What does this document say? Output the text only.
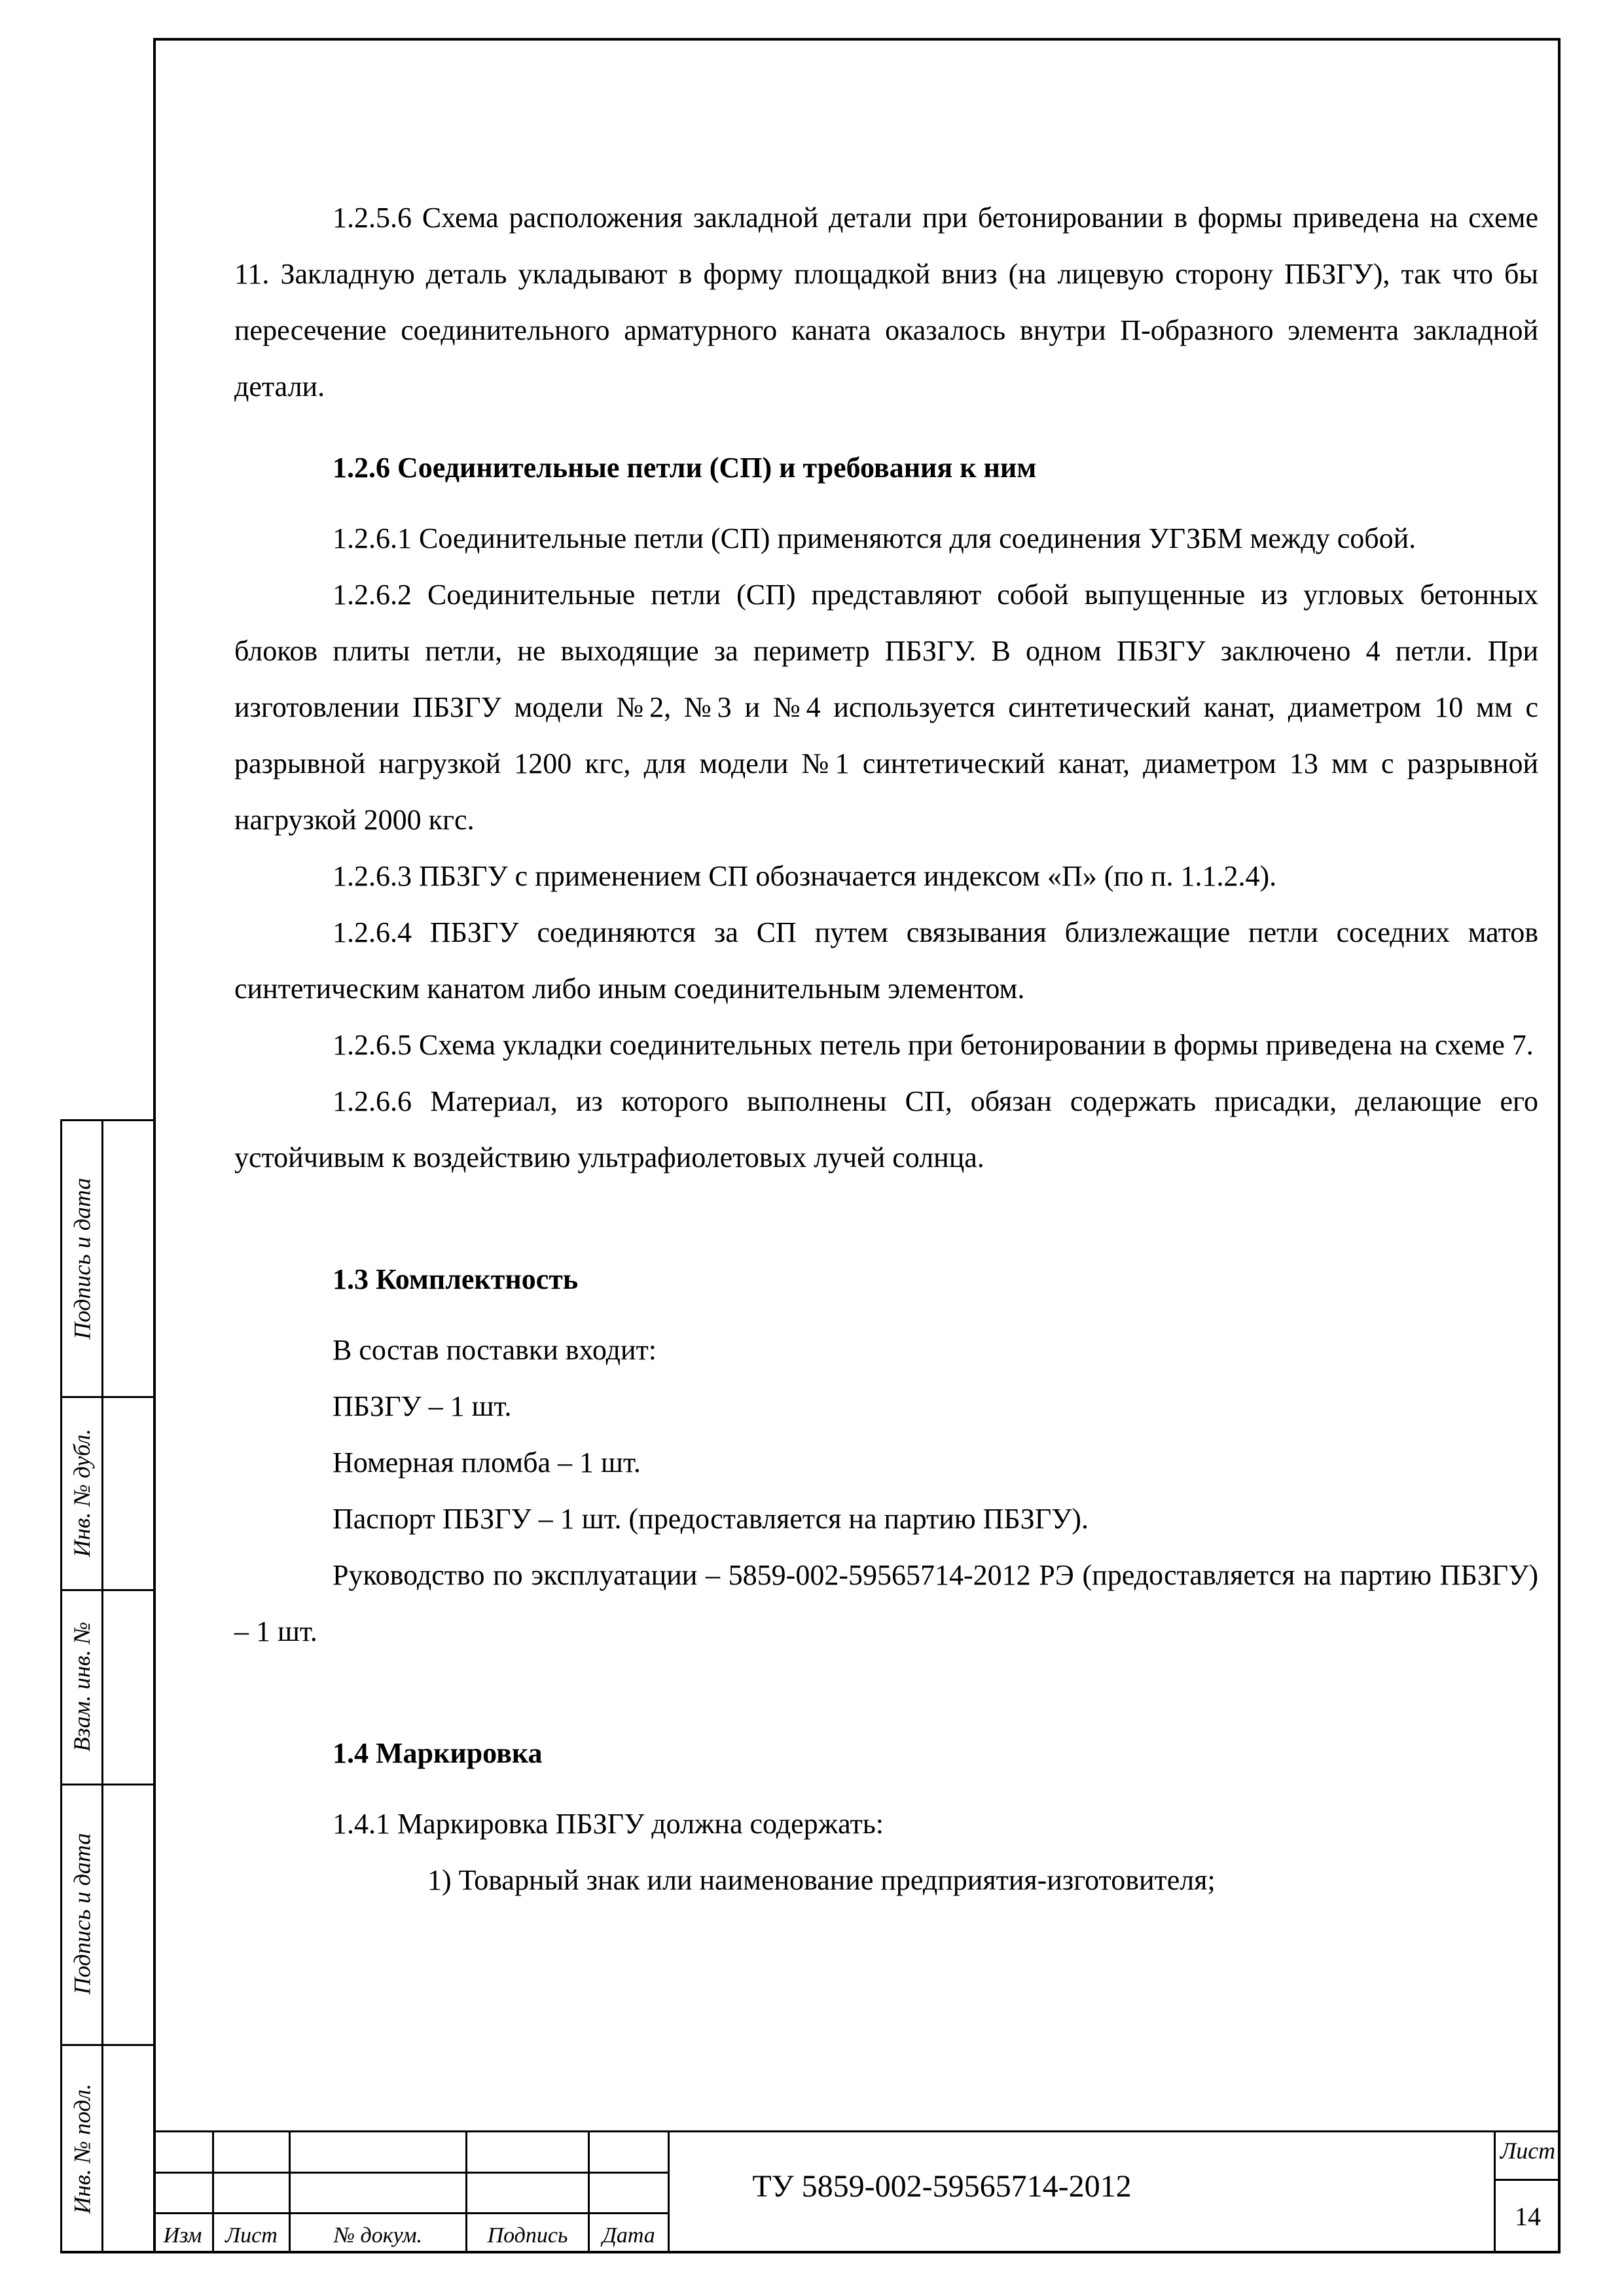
1.2.5.6 Схема расположения закладной детали при бетонировании в формы приведена на схеме 11. Закладную деталь укладывают в форму площадкой вниз (на лицевую сторону ПБЗГУ), так что бы пересечение соединительного арматурного каната оказалось внутри П-образного элемента закладной детали.

1.2.6 Соединительные петли (СП) и требования к ним

1.2.6.1 Соединительные петли (СП) применяются для соединения УГЗБМ между собой.

1.2.6.2 Соединительные петли (СП) представляют собой выпущенные из угловых бетонных блоков плиты петли, не выходящие за периметр ПБЗГУ. В одном ПБЗГУ заключено 4 петли. При изготовлении ПБЗГУ модели №2, №3 и №4 используется синтетический канат, диаметром 10 мм с разрывной нагрузкой 1200 кгс, для модели №1 синтетический канат, диаметром 13 мм с разрывной нагрузкой 2000 кгс.

1.2.6.3 ПБЗГУ с применением СП обозначается индексом «П» (по п. 1.1.2.4).

1.2.6.4 ПБЗГУ соединяются за СП путем связывания близлежащие петли соседних матов синтетическим канатом либо иным соединительным элементом.

1.2.6.5 Схема укладки соединительных петель при бетонировании в формы приведена на схеме 7.

1.2.6.6 Материал, из которого выполнены СП, обязан содержать присадки, делающие его устойчивым к воздействию ультрафиолетовых лучей солнца.

1.3 Комплектность

В состав поставки входит:

ПБЗГУ – 1 шт.

Номерная пломба – 1 шт.

Паспорт ПБЗГУ – 1 шт. (предоставляется на партию ПБЗГУ).

Руководство по эксплуатации – 5859-002-59565714-2012 РЭ (предоставляется на партию ПБЗГУ) – 1 шт.

1.4 Маркировка

1.4.1 Маркировка ПБЗГУ должна содержать:

1) Товарный знак или наименование предприятия-изготовителя;

Подпись и дата
Инв. № дубл.
Взам. инв. №
Подпись и дата
Инв. № подл.
Изм	Лист	№ докум.	Подпись	Дата
ТУ 5859-002-59565714-2012
Лист
14
